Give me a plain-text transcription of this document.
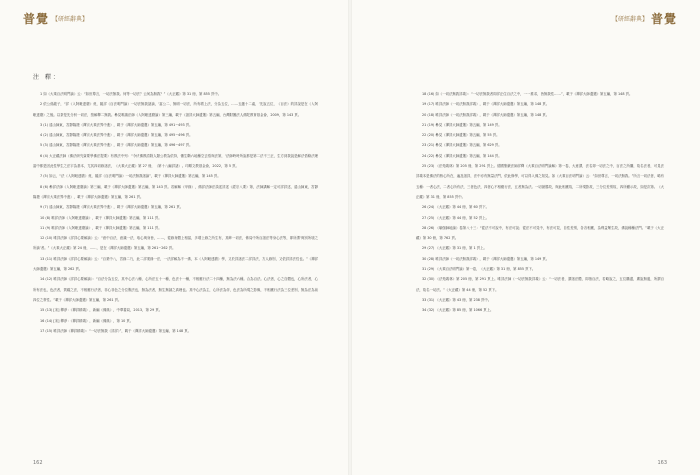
普覺 【研經辭典】
注 釋：
1 如《大乘百法明門論》云：“如世尊言，一切法無我。何等一切法？云何為無我？”《大正藏》第 31 冊，第 855 頁中。
2 依公孫龍子，“詳《入阿毗達磨》竟，隨詳《百法明門論》一切法無我諸論，‘當公二、無明一切法，所有增上法，分為五位，……五蘊十二處，’先說五位，《百法》的詳說是在《入阿毗達磨》之後。以茶是先分析一切法，按解釋二無我。參見唯識法師《入阿毗達磨論》第三編，載于《諸詳大師遺選》第五編，台灣財團法人佛陀教育基金會，2009，第 143 頁。
3 (1) 遠山師東，宮靜隆捷《禪宗大乘法界中進》，載于《禪詳大師遺選》第五編，第 491~493 頁。
4 (2) 遠山師東，宮靜隆捷《禪宗大乘法界中進》，載于《禪詳大師遺選》第五編，第 495~496 頁。
5 (3) 遠山師東，宮靜隆捷《禪宗大乘法界中進》，載于《禪詳大師遺選》第五編，第 496~497 頁。
6 (4) 大正藏法師《佛法研究資要學佛法提要》有教法中列：“今伏佛教清除人類公教為依持，懂生斷六地種空去悟與法第，‘法師時時所說都是第二法不三正，生方到我說是解法悟條法理當中都是因此性學生之法宇為基本，尤其四切緣諸法，《大乘大正藏》第 27 冊，（第十八編詳諸）。印順文教基金會，2022，第 5 頁。
7 (5) 如云，“法《入阿毗達磨》竟，隨詳《百法明門論》一切法無我諸論”，載于《禪詳大師遺選》第五編，第 145 頁。
8 (6) 參詳法師《入阿毗達磨論》第三編，載于《禪詳大師遺選》第五編，第 143 頁。若解解《甲緣》，佛詳法師法談述詳述《經宗八要》第，法師講解一定可詳詳述，遠山師東，宮靜隆捷《禪宗大乘法界中進》，載于《禪詳大師遺選》第五編，第 261 頁。
9 (7) 遠山師東，宮靜隆捷《禪宗大乘法界中進》，載于《禪詳大師遺選》第五編，第 261 頁。
10 (8) 唯詳法師《入阿毗達磨論》，載于《禪詳大師遺選》第五編，第 111 頁。
11 (9) 唯詳法師《入阿毗達磨論》，載于《禪詳大師遺選》第五編，第 111 頁。
12 (10) 唯詳法師《詳詳心要解論》云：“意中百法，意識一法，取心與身皆，……，從緣身體上相當，多增上緣之所生有，其餘一切法，佈局中所百諸法等身心法等，即所謂‘與別所境之所論’者。”《大乘大正藏》第 24 冊，……，是在《禪詳大師遺選》第五編，第 261~262 頁。
13 (11) 唯詳法師《詳詳心要解論》云：“百業中八，宮緣二乃，此二詳業緣一法，一法詳解為不一佛，本《入阿毗達磨》學，又於詳諸法二詳詳法，方人緣別，又依詳詳法性也。”《禪詳大師遺選》第五編，第 262 頁。
14 (12) 唯詳法師《詳詳心要解論》：“百法分為五位，其中心法八種，心所法五十一種，色法十一種，不相應行法二十四種，無為法六種。合為百法。心法者，心之自體也，心所法者，心所有法也，色法者，質礙之法，不相應行法者，非心非色之分位假法也，無為法者，無生無滅之真理也。其中心法為主，心所法為伴，色法為所現之影像，不相應行法為三位差別，無為法為前四位之實性。”載于《禪詳大師遺選》第五編，第 261 頁。
15 (13) [宋] 釋淨：《禪詳精義》，新編《佛典》，中華書局，2013，第 29 頁。
16 (14) [宋] 釋淨：《禪詳精義》，新編《佛典》，第 10 頁。
17 (15) 唯詳法師《禪詳精義》：“一切法無我《詳詳》”，載于《禪詳大師遺選》第五編，第 148 頁。
162
【研經辭典】 普覺
18 (16) 如《一切法無我詳義》：“一切法無我者即詳正住百法之中，一一推求，皆無我性……”，載于《禪詳大師遺選》第五編，第 148 頁。
19 (17) 唯詳法師《一切法無我詳義》，載于《禪詳大師遺選》第五編，第 148 頁。
20 (18) 唯詳法師《一切法無我詳義》，載于《禪詳大師遺選》第五編，第 148 頁。
21 (19) 參見《禪詳大師遺選》第五編，第 149 頁。
22 (20) 參見《禪詳大師遺選》第五編，第 55 頁。
23 (21) 參見《禪詳大師遺選》第五編，第 629 頁。
24 (22) 參見《禪詳大師遺選》第五編，第 144 頁。
25 (23) 《法苑義林》第 205 冊，第 291 頁上。德國聖嚴法師詳釋《大乘百法明門論解》第一卷，大意謂，法名即一切法之中，百法之所攝，故名法者，可見法詳義本是佛法的核心所在，遍及諸詳，法中亦有無量法門，依此修學，可以得入佛之知見。如《大乘百法明門論》云：“如世尊言，一切法無我。”所言一切法者，略有五種：一者心法，二者心所有法，三者色法，四者心不相應行法，五者無為法。一切最勝故，與此相應故，二所現影故，三分位差別故，四所顯示故，如是次第。《大正藏》第 31 冊，第 855 頁中。
26 (24) 《大正藏》第 44 冊，第 60 頁下。
27 (25) 《大正藏》第 44 冊，第 52 頁上。
28 (26) 《瑜伽師地論》卷第八十三：“從法不可說中，有法可說；從法不可見中，有法可見，自性差別，各各相應，為利益眾生故，佛說種種法門。”載于《大正藏》第 30 冊，第 762 頁。
29 (27) 《大正藏》第 31 冊，第 1 頁上。
30 (28) 唯詳法師《一切法無我詳義》，載于《禪詳大師遺選》第五編，第 149 頁。
31 (29) 《大乘百法明門論》第一卷，《大正藏》第 31 冊，第 855 頁下。
32 (30) 《法苑義林》第 205 冊，第 291 頁上。唯詳法師《一切法無我詳義》云：“一切法者，謂諸法體，即指百法，若略說之，五位攝盡，廣說無邊，所謂百法，故名一切法。”《大正藏》第 44 冊，第 52 頁下。
33 (31) 《大正藏》第 43 冊，第 238 頁中。
34 (32) 《大正藏》第 85 冊，第 1066 頁上。
163
